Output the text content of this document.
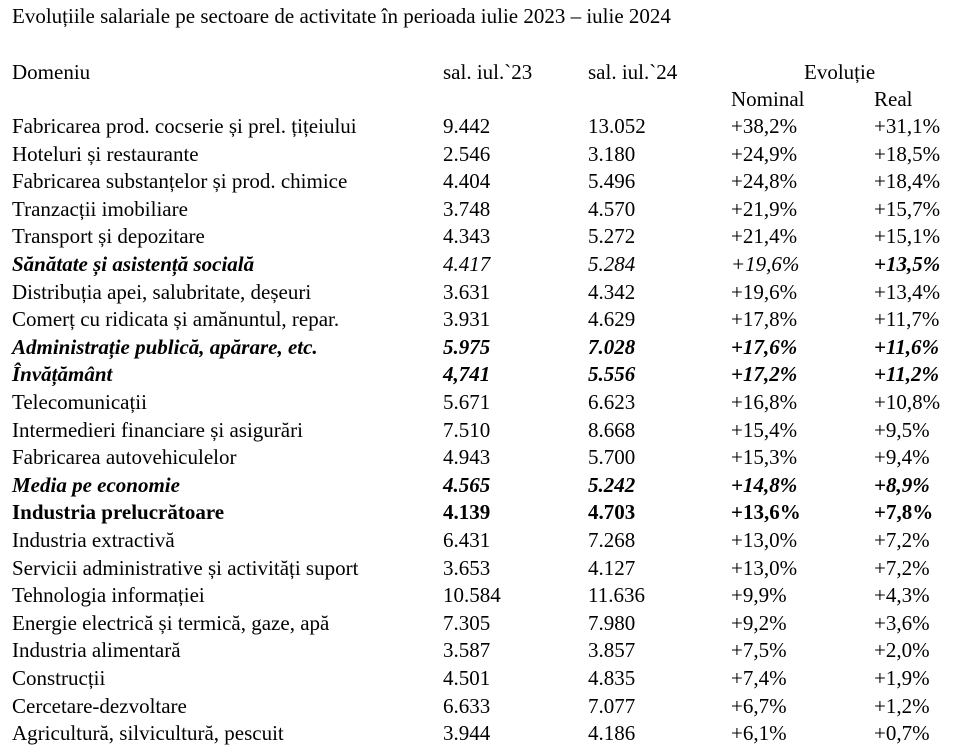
Evoluțiile salariale pe sectoare de activitate în perioada iulie 2023 – iulie 2024
Domeniu	sal. iul.`23	sal. iul.`24	Evoluție
Nominal	Real
Fabricarea prod. cocserie și prel. țițeiului	9.442	13.052	+38,2%	+31,1%
Hoteluri și restaurante	2.546	3.180	+24,9%	+18,5%
Fabricarea substanțelor și prod. chimice	4.404	5.496	+24,8%	+18,4%
Tranzacții imobiliare	3.748	4.570	+21,9%	+15,7%
Transport și depozitare	4.343	5.272	+21,4%	+15,1%
Sănătate și asistență socială	4.417	5.284	+19,6%	+13,5%
Distribuția apei, salubritate, deșeuri	3.631	4.342	+19,6%	+13,4%
Comerț cu ridicata și amănuntul, repar.	3.931	4.629	+17,8%	+11,7%
Administrație publică, apărare, etc.	5.975	7.028	+17,6%	+11,6%
Învățământ	4,741	5.556	+17,2%	+11,2%
Telecomunicații	5.671	6.623	+16,8%	+10,8%
Intermedieri financiare și asigurări	7.510	8.668	+15,4%	+9,5%
Fabricarea autovehiculelor	4.943	5.700	+15,3%	+9,4%
Media pe economie	4.565	5.242	+14,8%	+8,9%
Industria prelucrătoare	4.139	4.703	+13,6%	+7,8%
Industria extractivă	6.431	7.268	+13,0%	+7,2%
Servicii administrative și activități suport	3.653	4.127	+13,0%	+7,2%
Tehnologia informației	10.584	11.636	+9,9%	+4,3%
Energie electrică și termică, gaze, apă	7.305	7.980	+9,2%	+3,6%
Industria alimentară	3.587	3.857	+7,5%	+2,0%
Construcții	4.501	4.835	+7,4%	+1,9%
Cercetare-dezvoltare	6.633	7.077	+6,7%	+1,2%
Agricultură, silvicultură, pescuit	3.944	4.186	+6,1%	+0,7%
